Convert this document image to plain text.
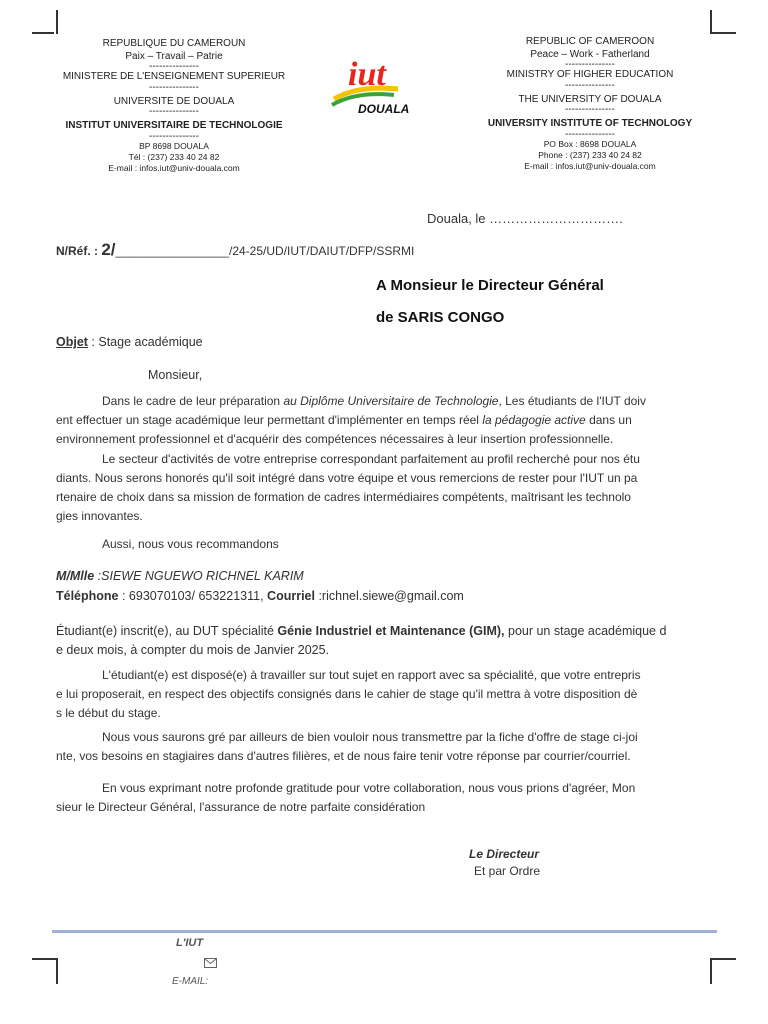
REPUBLIQUE DU CAMEROUN
Paix – Travail – Patrie
---------------
MINISTERE DE L'ENSEIGNEMENT SUPERIEUR
---------------
UNIVERSITE DE DOUALA
---------------
INSTITUT UNIVERSITAIRE DE TECHNOLOGIE
---------------
BP 8698 DOUALA
Tél : (237) 233 40 24 82
E-mail : infos.iut@univ-douala.com
iut
DOUALA
REPUBLIC OF CAMEROON
Peace – Work - Fatherland
---------------
MINISTRY OF HIGHER EDUCATION
---------------
THE UNIVERSITY OF DOUALA
---------------
UNIVERSITY INSTITUTE OF TECHNOLOGY
---------------
PO Box : 8698 DOUALA
Phone : (237) 233 40 24 82
E-mail : infos.iut@univ-douala.com
Douala, le ………………………….
N/Réf. : 2/_________________/24-25/UD/IUT/DAIUT/DFP/SSRMI
A Monsieur le Directeur Général
de SARIS CONGO
Objet : Stage académique
Monsieur,
Dans le cadre de leur préparation au Diplôme Universitaire de Technologie, Les étudiants de l'IUT doiv
ent effectuer un stage académique leur permettant d'implémenter en temps réel la pédagogie active dans un
environnement professionnel et d'acquérir des compétences nécessaires à leur insertion professionnelle.
Le secteur d'activités de votre entreprise correspondant parfaitement au profil recherché pour nos étu
diants. Nous serons honorés qu'il soit intégré dans votre équipe et vous remercions de rester pour l'IUT un pa
rtenaire de choix dans sa mission de formation de cadres intermédiaires compétents, maîtrisant les technolo
gies innovantes.
Aussi, nous vous recommandons
M/Mlle :SIEWE NGUEWO RICHNEL KARIM
Téléphone : 693070103/ 653221311, Courriel :richnel.siewe@gmail.com
Étudiant(e) inscrit(e), au DUT spécialité Génie Industriel et Maintenance (GIM), pour un stage académique d
e deux mois, à compter du mois de Janvier 2025.
L'étudiant(e) est disposé(e) à travailler sur tout sujet en rapport avec sa spécialité, que votre entrepris
e lui proposerait, en respect des objectifs consignés dans le cahier de stage qu'il mettra à votre disposition dè
s le début du stage.
Nous vous saurons gré par ailleurs de bien vouloir nous transmettre par la fiche d'offre de stage ci-joi
nte, vos besoins en stagiaires dans d'autres filières, et de nous faire tenir votre réponse par courrier/courriel.
En vous exprimant notre profonde gratitude pour votre collaboration, nous vous prions d'agréer, Mon
sieur le Directeur Général, l'assurance de notre parfaite considération
Le Directeur
Et par Ordre
L'IUT
E-MAIL:
